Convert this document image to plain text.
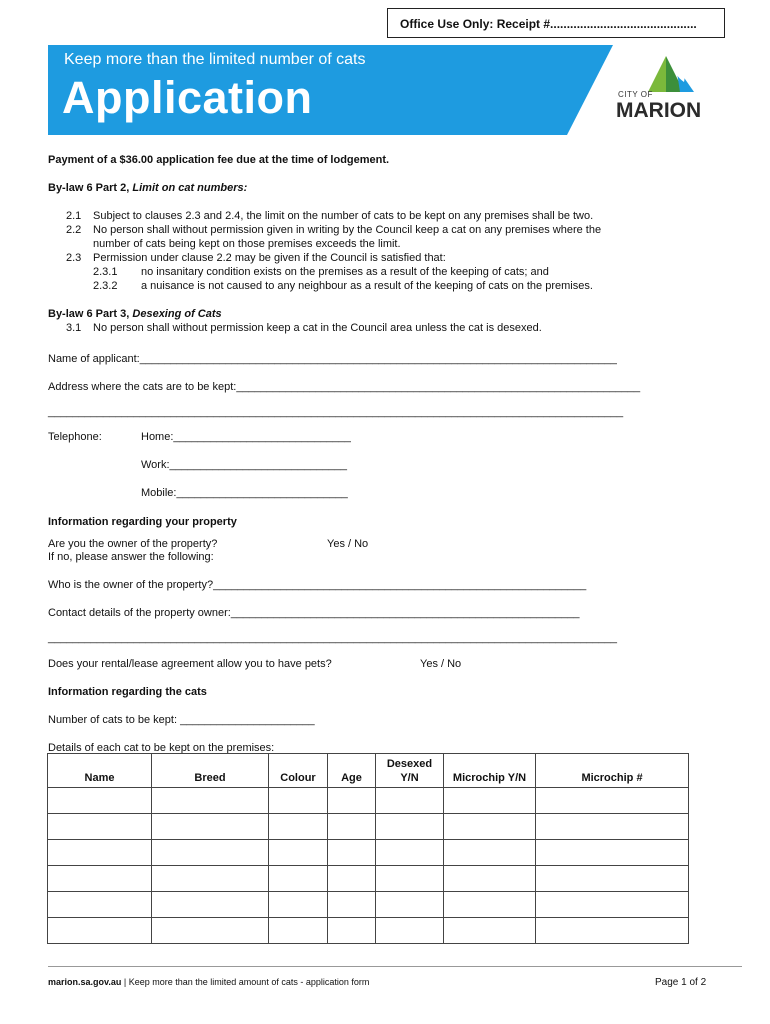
Office Use Only: Receipt #............................................
Keep more than the limited number of cats
Application	CITY OF
MARION
Payment of a $36.00 application fee due at the time of lodgement.
By-law 6 Part 2, Limit on cat numbers:
2.1 Subject to clauses 2.3 and 2.4, the limit on the number of cats to be kept on any premises shall be two.
2.2 No person shall without permission given in writing by the Council keep a cat on any premises where the
number of cats being kept on those premises exceeds the limit.
2.3 Permission under clause 2.2 may be given if the Council is satisfied that:
2.3.1 no insanitary condition exists on the premises as a result of the keeping of cats; and
2.3.2 a nuisance is not caused to any neighbour as a result of the keeping of cats on the premises.
By-law 6 Part 3, Desexing of Cats
3.1 No person shall without permission keep a cat in the Council area unless the cat is desexed.
Name of applicant:______________________________________________________________________________
Address where the cats are to be kept:__________________________________________________________________
______________________________________________________________________________________________
Telephone:	Home:_____________________________
Work:_____________________________
Mobile:____________________________
Information regarding your property
Are you the owner of the property?	Yes / No
If no, please answer the following:
Who is the owner of the property?_____________________________________________________________
Contact details of the property owner:_________________________________________________________
_____________________________________________________________________________________________
Does your rental/lease agreement allow you to have pets?	Yes / No
Information regarding the cats
Number of cats to be kept: ______________________
Details of each cat to be kept on the premises:
Name	Breed	Colour	Age	Desexed Y/N	Microchip Y/N	Microchip #

marion.sa.gov.au | Keep more than the limited amount of cats - application form	Page 1 of 2
